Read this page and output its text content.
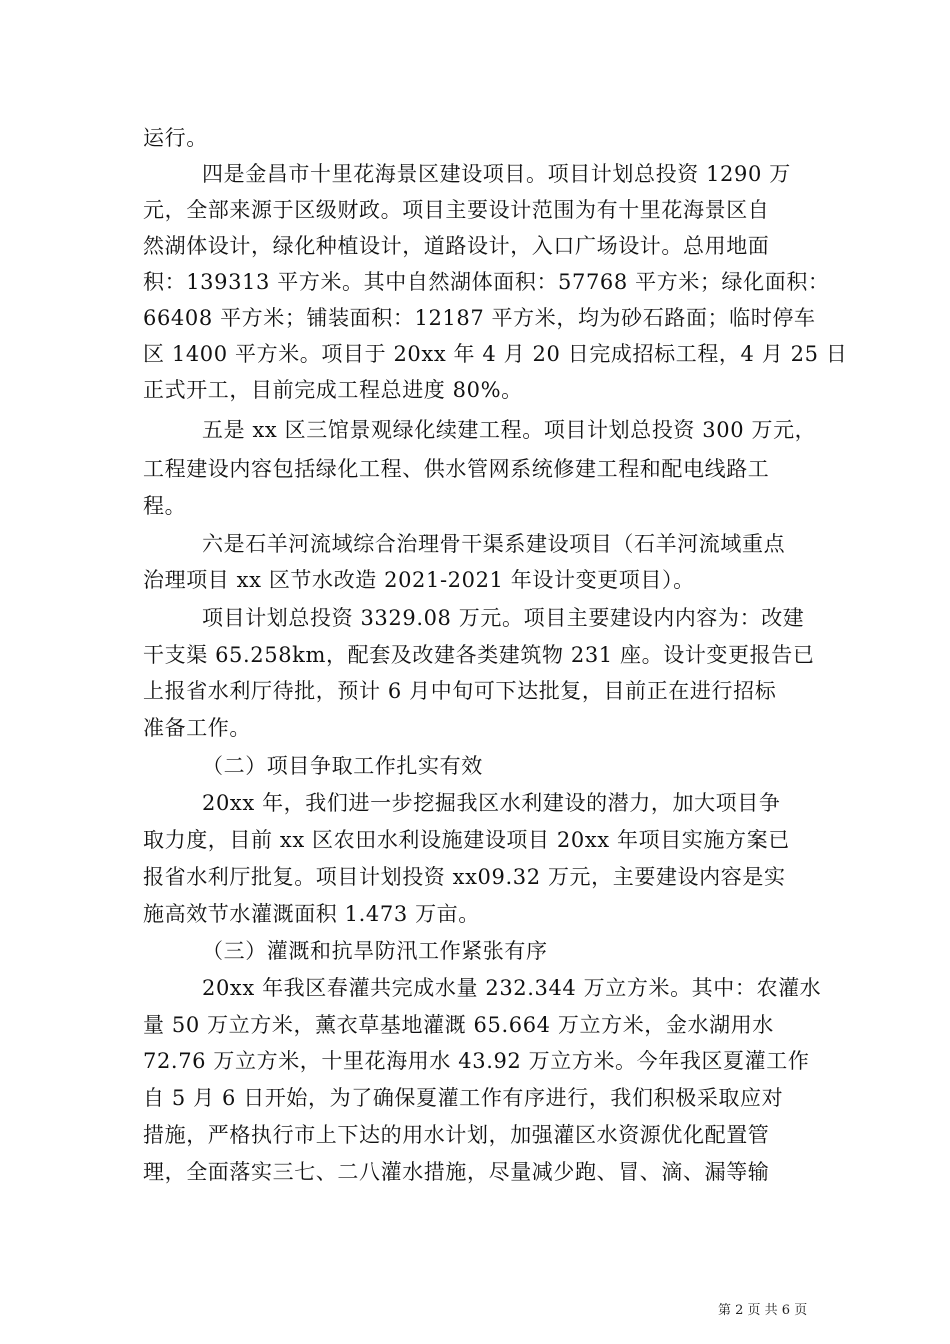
运行。
四是金昌市十里花海景区建设项目。项目计划总投资 1290 万
元，全部来源于区级财政。项目主要设计范围为有十里花海景区自
然湖体设计，绿化种植设计，道路设计，入口广场设计。总用地面
积：139313 平方米。其中自然湖体面积：57768 平方米；绿化面积：
66408 平方米；铺装面积：12187 平方米，均为砂石路面；临时停车
区 1400 平方米。项目于 20xx 年 4 月 20 日完成招标工程，4 月 25 日
正式开工，目前完成工程总进度 80%。
五是 xx 区三馆景观绿化续建工程。项目计划总投资 300 万元，
工程建设内容包括绿化工程、供水管网系统修建工程和配电线路工
程。
六是石羊河流域综合治理骨干渠系建设项目（石羊河流域重点
治理项目 xx 区节水改造 2021-2021 年设计变更项目）。
项目计划总投资 3329.08 万元。项目主要建设内内容为：改建
干支渠 65.258km，配套及改建各类建筑物 231 座。设计变更报告已
上报省水利厅待批，预计 6 月中旬可下达批复，目前正在进行招标
准备工作。
（二）项目争取工作扎实有效
20xx 年，我们进一步挖掘我区水利建设的潜力，加大项目争
取力度，目前 xx 区农田水利设施建设项目 20xx 年项目实施方案已
报省水利厅批复。项目计划投资 xx09.32 万元，主要建设内容是实
施高效节水灌溉面积 1.473 万亩。
（三）灌溉和抗旱防汛工作紧张有序
20xx 年我区春灌共完成水量 232.344 万立方米。其中：农灌水
量 50 万立方米，薰衣草基地灌溉 65.664 万立方米，金水湖用水
72.76 万立方米，十里花海用水 43.92 万立方米。今年我区夏灌工作
自 5 月 6 日开始，为了确保夏灌工作有序进行，我们积极采取应对
措施，严格执行市上下达的用水计划，加强灌区水资源优化配置管
理，全面落实三七、二八灌水措施，尽量减少跑、冒、滴、漏等输
第 2 页 共 6 页
